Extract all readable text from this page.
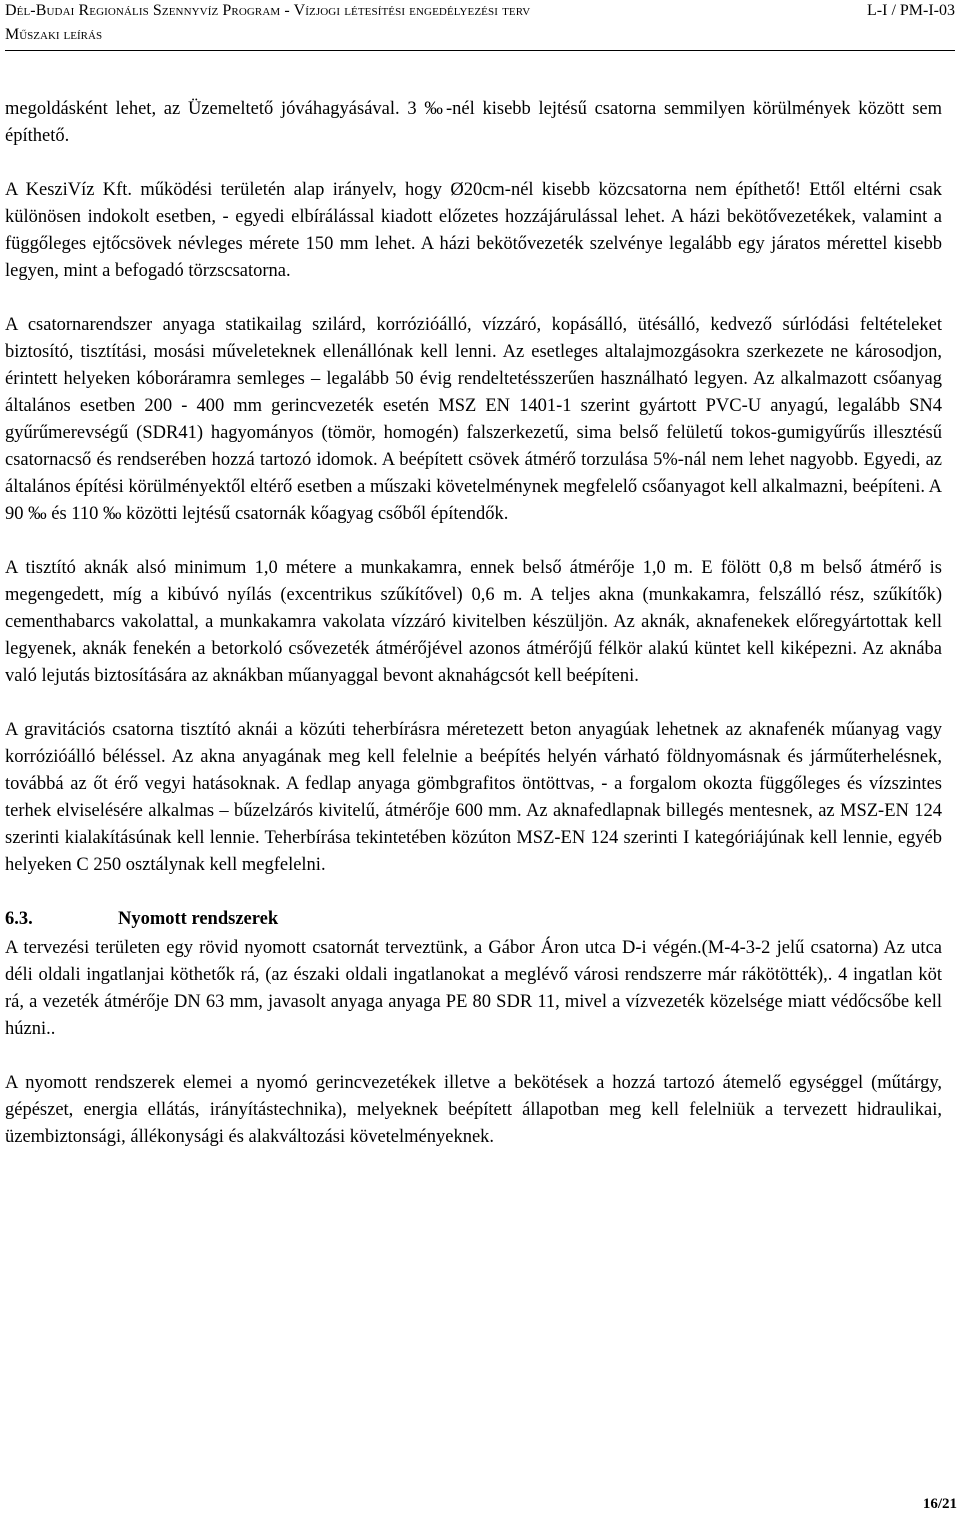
Dél-Budai Regionális Szennyvíz Program - Vízjogi létesítési engedélyezési terv	L-I / PM-I-03
Műszaki leírás

megoldásként lehet, az Üzemeltető jóváhagyásával. 3 ‰-nél kisebb lejtésű csatorna semmilyen körülmények között sem építhető.

A KesziVíz Kft. működési területén alap irányelv, hogy Ø20cm-nél kisebb közcsatorna nem építhető! Ettől eltérni csak különösen indokolt esetben, - egyedi elbírálással kiadott előzetes hozzájárulással lehet. A házi bekötővezetékek, valamint a függőleges ejtőcsövek névleges mérete 150 mm lehet. A házi bekötővezeték szelvénye legalább egy járatos mérettel kisebb legyen, mint a befogadó törzscsatorna.

A csatornarendszer anyaga statikailag szilárd, korrózióálló, vízzáró, kopásálló, ütésálló, kedvező súrlódási feltételeket biztosító, tisztítási, mosási műveleteknek ellenállónak kell lenni. Az esetleges altalajmozgásokra szerkezete ne károsodjon, érintett helyeken kóboráramra semleges – legalább 50 évig rendeltetésszerűen használható legyen. Az alkalmazott csőanyag általános esetben 200 - 400 mm gerincvezeték esetén MSZ EN 1401-1 szerint gyártott PVC-U anyagú, legalább SN4 gyűrűmerevségű (SDR41) hagyományos (tömör, homogén) falszerkezetű, sima belső felületű tokos-gumigyűrűs illesztésű csatornacső és rendserében hozzá tartozó idomok. A beépített csövek átmérő torzulása 5%-nál nem lehet nagyobb. Egyedi, az általános építési körülményektől eltérő esetben a műszaki követelménynek megfelelő csőanyagot kell alkalmazni, beépíteni. A 90 ‰ és 110 ‰ közötti lejtésű csatornák kőagyag csőből építendők.

A tisztító aknák alsó minimum 1,0 métere a munkakamra, ennek belső átmérője 1,0 m. E fölött 0,8 m belső átmérő is megengedett, míg a kibúvó nyílás (excentrikus szűkítővel) 0,6 m. A teljes akna (munkakamra, felszálló rész, szűkítők) cementhabarcs vakolattal, a munkakamra vakolata vízzáró kivitelben készüljön. Az aknák, aknafenekek előregyártottak kell legyenek, aknák fenekén a betorkoló csővezeték átmérőjével azonos átmérőjű félkör alakú küntet kell kiképezni. Az aknába való lejutás biztosítására az aknákban műanyaggal bevont aknahágcsót kell beépíteni.

A gravitációs csatorna tisztító aknái a közúti teherbírásra méretezett beton anyagúak lehetnek az aknafenék műanyag vagy korrózióálló béléssel. Az akna anyagának meg kell felelnie a beépítés helyén várható földnyomásnak és járműterhelésnek, továbbá az őt érő vegyi hatásoknak. A fedlap anyaga gömbgrafitos öntöttvas, - a forgalom okozta függőleges és vízszintes terhek elviselésére alkalmas – bűzelzárós kivitelű, átmérője 600 mm. Az aknafedlapnak billegés mentesnek, az MSZ-EN 124 szerinti kialakításúnak kell lennie. Teherbírása tekintetében közúton MSZ-EN 124 szerinti I kategóriájúnak kell lennie, egyéb helyeken C 250 osztálynak kell megfelelni.

6.3.	Nyomott rendszerek

A tervezési területen egy rövid nyomott csatornát terveztünk, a Gábor Áron utca D-i végén.(M-4-3-2 jelű csatorna) Az utca déli oldali ingatlanjai köthetők rá, (az északi oldali ingatlanokat a meglévő városi rendszerre már rákötötték),. 4 ingatlan köt rá, a vezeték átmérője DN 63 mm, javasolt anyaga anyaga PE 80 SDR 11, mivel a vízvezeték közelsége miatt védőcsőbe kell húzni..

A nyomott rendszerek elemei a nyomó gerincvezetékek illetve a bekötések a hozzá tartozó átemelő egységgel (műtárgy, gépészet, energia ellátás, irányítástechnika), melyeknek beépített állapotban meg kell felelniük a tervezett hidraulikai, üzembiztonsági, állékonysági és alakváltozási követelményeknek.

16/21
